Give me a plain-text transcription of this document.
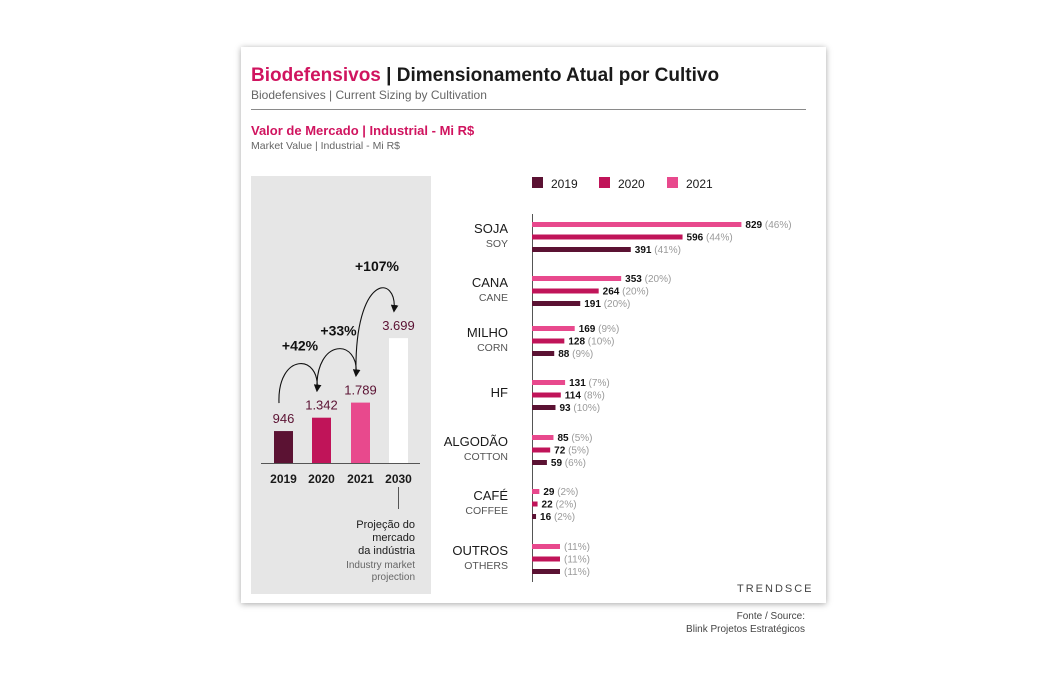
Biodefensivos | Dimensionamento Atual por Cultivo
Biodefensives | Current Sizing by Cultivation
Valor de Mercado | Industrial - Mi R$
Market Value | Industrial - Mi R$
946
2019
1.342
2020
1.789
2021
3.699
2030
+42%
+33%
+107%
Projeção do
mercado
da indústria
Industry market
projection
2019	2020	2021
SOJA
SOY
829 (46%)
596 (44%)
391 (41%)
CANA
CANE
353 (20%)
264 (20%)
191 (20%)
MILHO
CORN
169 (9%)
128 (10%)
88 (9%)
HF
131 (7%)
114 (8%)
93 (10%)
ALGODÃO
COTTON
85 (5%)
72 (5%)
59 (6%)
CAFÉ
COFFEE
29 (2%)
22 (2%)
16 (2%)
OUTROS
OTHERS
(11%)
(11%)
(11%)
TRENDSCE
Fonte / Source:
Blink Projetos Estratégicos
